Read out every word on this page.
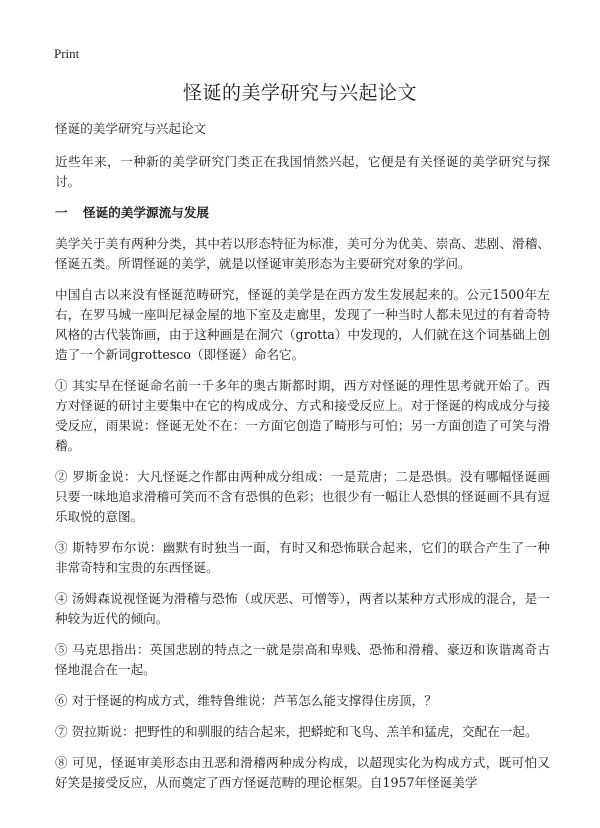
Print
怪诞的美学研究与兴起论文

怪诞的美学研究与兴起论文

近些年来，一种新的美学研究门类正在我国悄然兴起，它便是有关怪诞的美学研究与探讨。

一 怪诞的美学源流与发展

美学关于美有两种分类，其中若以形态特征为标准，美可分为优美、崇高、悲剧、滑稽、怪诞五类。所谓怪诞的美学，就是以怪诞审美形态为主要研究对象的学问。

中国自古以来没有怪诞范畴研究，怪诞的美学是在西方发生发展起来的。公元1500年左右，在罗马城一座叫尼禄金屋的地下室及走廊里，发现了一种当时人都未见过的有着奇特风格的古代装饰画，由于这种画是在洞穴（grotta）中发现的，人们就在这个词基础上创造了一个新词grottesco（即怪诞）命名它。

① 其实早在怪诞命名前一千多年的奥古斯都时期，西方对怪诞的理性思考就开始了。西方对怪诞的研讨主要集中在它的构成成分、方式和接受反应上。对于怪诞的构成成分与接受反应，雨果说：怪诞无处不在：一方面它创造了畸形与可怕；另一方面创造了可笑与滑稽。

② 罗斯金说：大凡怪诞之作都由两种成分组成：一是荒唐；二是恐惧。没有哪幅怪诞画只要一味地追求滑稽可笑而不含有恐惧的色彩；也很少有一幅让人恐惧的怪诞画不具有逗乐取悦的意图。

③ 斯特罗布尔说：幽默有时独当一面，有时又和恐怖联合起来，它们的联合产生了一种非常奇特和宝贵的东西怪诞。

④ 汤姆森说视怪诞为滑稽与恐怖（或厌恶、可憎等），两者以某种方式形成的混合，是一种较为近代的倾向。

⑤ 马克思指出：英国悲剧的特点之一就是崇高和卑贱、恐怖和滑稽、豪迈和诙谐离奇古怪地混合在一起。

⑥ 对于怪诞的构成方式，维特鲁维说：芦苇怎么能支撑得住房顶，？

⑦ 贺拉斯说：把野性的和驯服的结合起来，把蟒蛇和飞鸟、羔羊和猛虎，交配在一起。

⑧ 可见，怪诞审美形态由丑恶和滑稽两种成分构成，以超现实化为构成方式，既可怕又好笑是接受反应，从而奠定了西方怪诞范畴的理论框架。自1957年怪诞美学
